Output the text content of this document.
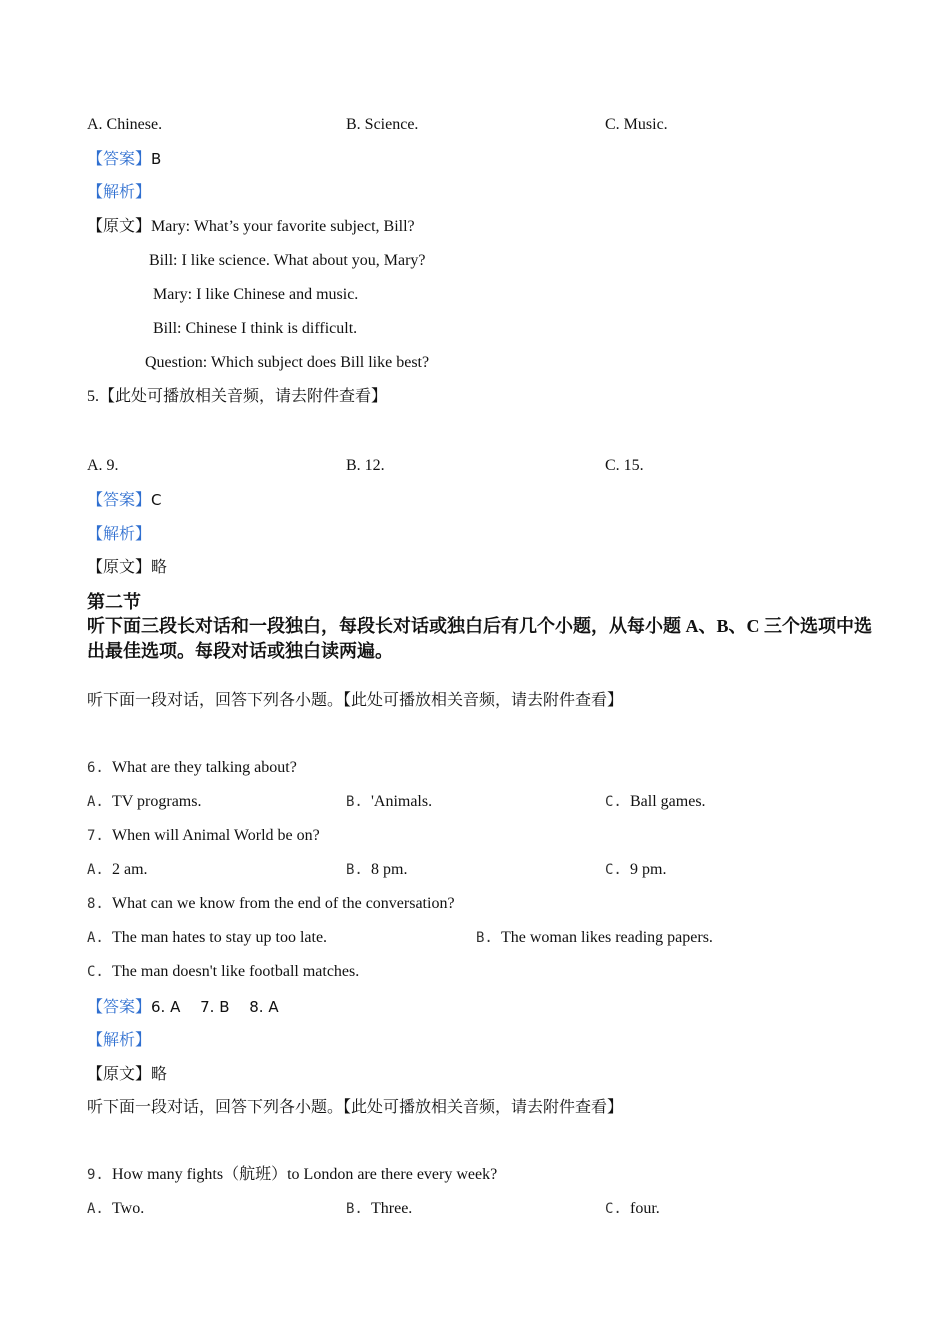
A. Chinese.	B. Science.	C. Music.
【答案】B
【解析】
【原文】Mary: What’s your favorite subject, Bill?
Bill: I like science. What about you, Mary?
Mary: I like Chinese and music.
Bill: Chinese I think is difficult.
Question: Which subject does Bill like best?
5.【此处可播放相关音频，请去附件查看】
A. 9.	B. 12.	C. 15.
【答案】C
【解析】
【原文】略
第二节
听下面三段长对话和一段独白，每段长对话或独白后有几个小题，从每小题 A、B、C 三个选项中选出最佳选项。每段对话或独白读两遍。
听下面一段对话，回答下列各小题。【此处可播放相关音频，请去附件查看】
6. What are they talking about?
A. TV programs.	B. 'Animals.	C. Ball games.
7. When will Animal World be on?
A. 2 am.	B. 8 pm.	C. 9 pm.
8. What can we know from the end of the conversation?
A. The man hates to stay up too late.	B. The woman likes reading papers.
C. The man doesn't like football matches.
【答案】6. A　 7. B　 8. A
【解析】
【原文】略
听下面一段对话，回答下列各小题。【此处可播放相关音频，请去附件查看】
9. How many fights（航班）to London are there every week?
A. Two.	B. Three.	C. four.
